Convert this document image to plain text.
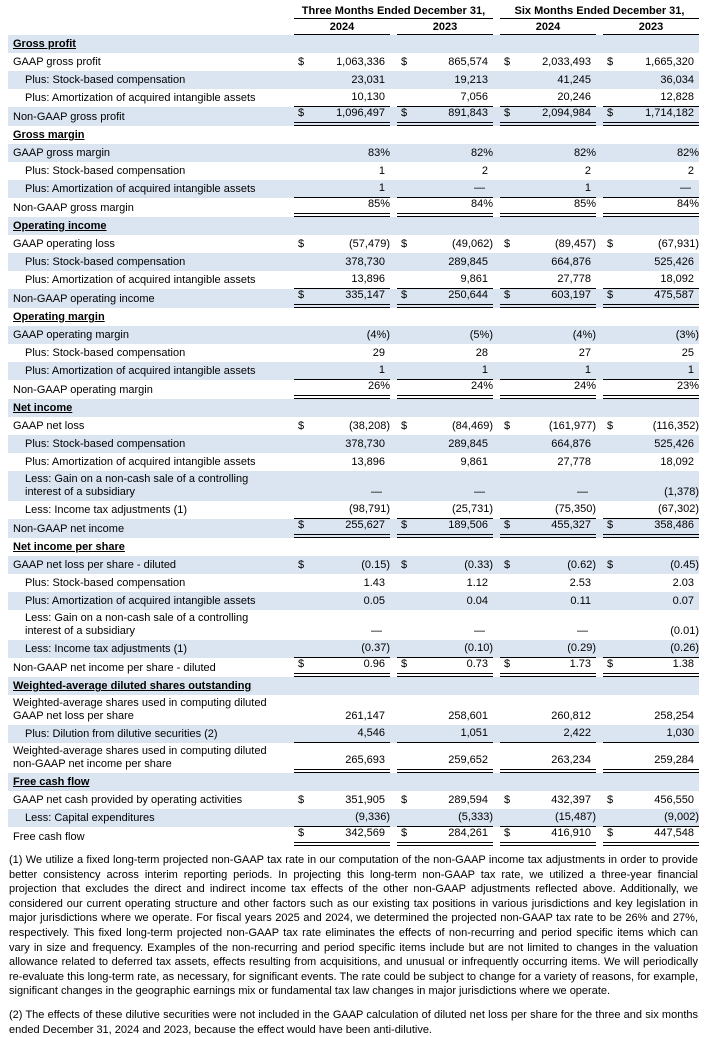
Three Months Ended December 31,	Six Months Ended December 31,
2024	2023	2024	2023
Gross profit
GAAP gross profit	$	1,063,336	$	865,574	$	2,033,493	$	1,665,320
Plus: Stock-based compensation	23,031	19,213	41,245	36,034
Plus: Amortization of acquired intangible assets	10,130	7,056	20,246	12,828
Non-GAAP gross profit	$	1,096,497	$	891,843	$	2,094,984	$	1,714,182
Gross margin
GAAP gross margin	83%	82%	82%	82%
Plus: Stock-based compensation	1	2	2	2
Plus: Amortization of acquired intangible assets	1	—	1	—
Non-GAAP gross margin	85%	84%	85%	84%
Operating income
GAAP operating loss	$	(57,479)	$	(49,062)	$	(89,457)	$	(67,931)
Plus: Stock-based compensation	378,730	289,845	664,876	525,426
Plus: Amortization of acquired intangible assets	13,896	9,861	27,778	18,092
Non-GAAP operating income	$	335,147	$	250,644	$	603,197	$	475,587
Operating margin
GAAP operating margin	(4%)	(5%)	(4%)	(3%)
Plus: Stock-based compensation	29	28	27	25
Plus: Amortization of acquired intangible assets	1	1	1	1
Non-GAAP operating margin	26%	24%	24%	23%
Net income
GAAP net loss	$	(38,208)	$	(84,469)	$	(161,977)	$	(116,352)
Plus: Stock-based compensation	378,730	289,845	664,876	525,426
Plus: Amortization of acquired intangible assets	13,896	9,861	27,778	18,092
Less: Gain on a non-cash sale of a controlling interest of a subsidiary	—	—	—	(1,378)
Less: Income tax adjustments (1)	(98,791)	(25,731)	(75,350)	(67,302)
Non-GAAP net income	$	255,627	$	189,506	$	455,327	$	358,486
Net income per share
GAAP net loss per share - diluted	$	(0.15)	$	(0.33)	$	(0.62)	$	(0.45)
Plus: Stock-based compensation	1.43	1.12	2.53	2.03
Plus: Amortization of acquired intangible assets	0.05	0.04	0.11	0.07
Less: Gain on a non-cash sale of a controlling interest of a subsidiary	—	—	—	(0.01)
Less: Income tax adjustments (1)	(0.37)	(0.10)	(0.29)	(0.26)
Non-GAAP net income per share - diluted	$	0.96	$	0.73	$	1.73	$	1.38
Weighted-average diluted shares outstanding
Weighted-average shares used in computing diluted GAAP net loss per share	261,147	258,601	260,812	258,254
Plus: Dilution from dilutive securities (2)	4,546	1,051	2,422	1,030
Weighted-average shares used in computing diluted non-GAAP net income per share	265,693	259,652	263,234	259,284
Free cash flow
GAAP net cash provided by operating activities	$	351,905	$	289,594	$	432,397	$	456,550
Less: Capital expenditures	(9,336)	(5,333)	(15,487)	(9,002)
Free cash flow	$	342,569	$	284,261	$	416,910	$	447,548

(1) We utilize a fixed long-term projected non-GAAP tax rate in our computation of the non-GAAP income tax adjustments in order to provide better consistency across interim reporting periods. In projecting this long-term non-GAAP tax rate, we utilized a three-year financial projection that excludes the direct and indirect income tax effects of the other non-GAAP adjustments reflected above. Additionally, we considered our current operating structure and other factors such as our existing tax positions in various jurisdictions and key legislation in major jurisdictions where we operate. For fiscal years 2025 and 2024, we determined the projected non-GAAP tax rate to be 26% and 27%, respectively. This fixed long-term projected non-GAAP tax rate eliminates the effects of non-recurring and period specific items which can vary in size and frequency. Examples of the non-recurring and period specific items include but are not limited to changes in the valuation allowance related to deferred tax assets, effects resulting from acquisitions, and unusual or infrequently occurring items. We will periodically re-evaluate this long-term rate, as necessary, for significant events. The rate could be subject to change for a variety of reasons, for example, significant changes in the geographic earnings mix or fundamental tax law changes in major jurisdictions where we operate.

(2) The effects of these dilutive securities were not included in the GAAP calculation of diluted net loss per share for the three and six months ended December 31, 2024 and 2023, because the effect would have been anti-dilutive.
